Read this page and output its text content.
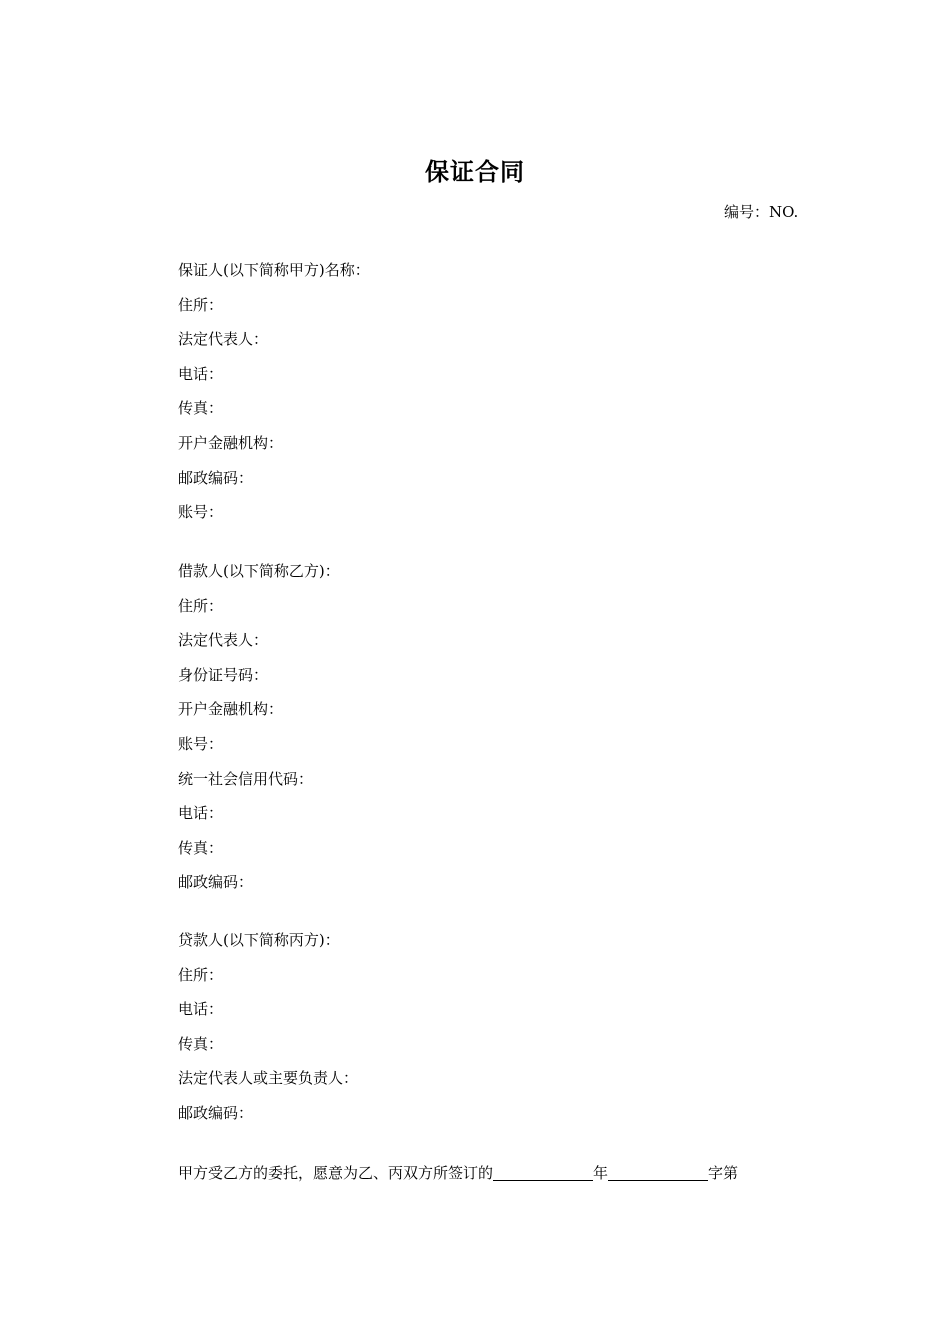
保证合同
编号：NO.
保证人(以下简称甲方)名称：
住所：
法定代表人：
电话：
传真：
开户金融机构：
邮政编码：
账号：
借款人(以下简称乙方)：
住所：
法定代表人：
身份证号码：
开户金融机构：
账号：
统一社会信用代码：
电话：
传真：
邮政编码：
贷款人(以下简称丙方)：
住所：
电话：
传真：
法定代表人或主要负责人：
邮政编码：
甲方受乙方的委托，愿意为乙、丙双方所签订的	年	字第
